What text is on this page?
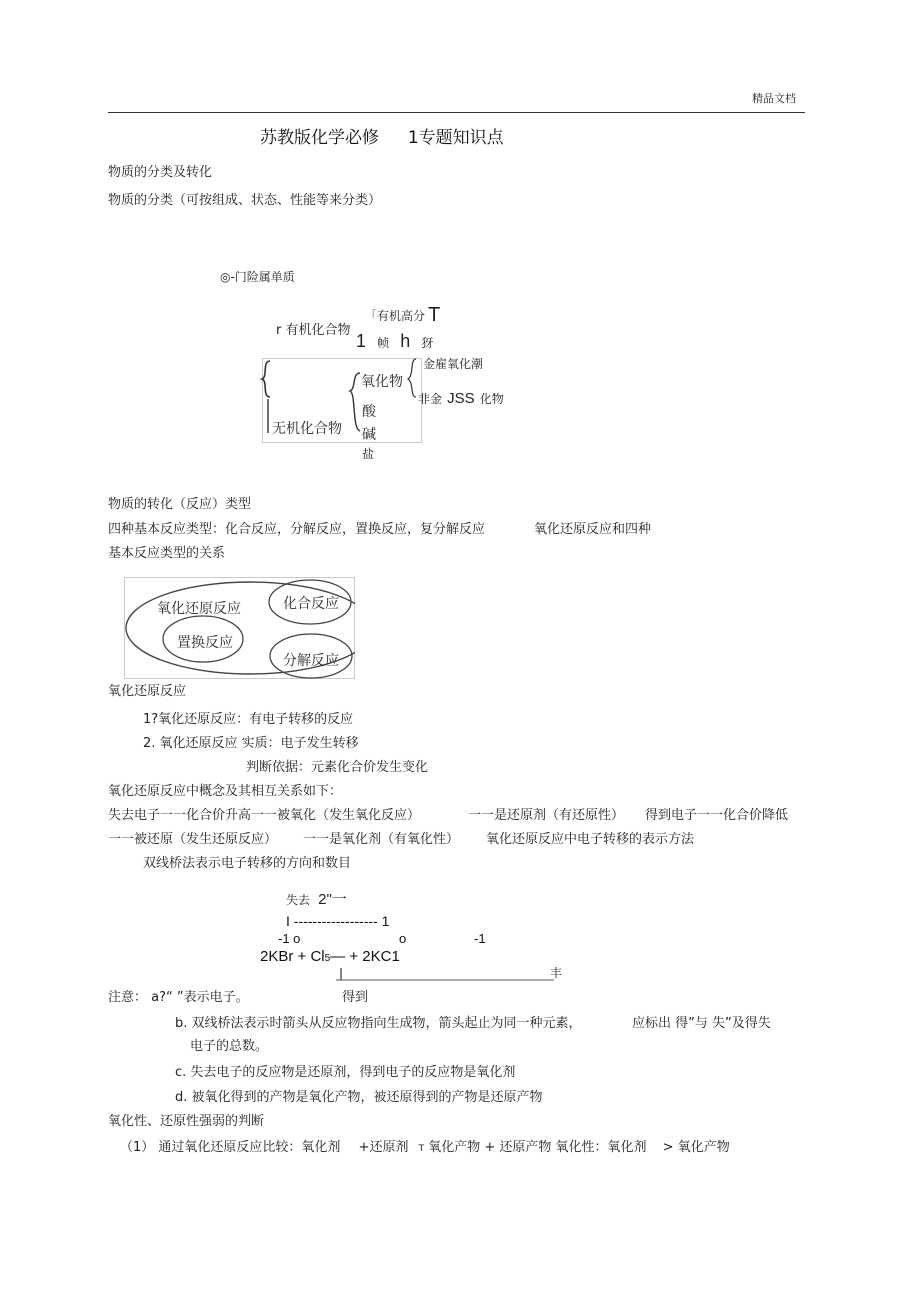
精品文档
苏教版化学必修 1专题知识点
物质的分类及转化
物质的分类（可按组成、状态、性能等来分类）
◎-门险属单质
r 有机化合物
「有机高分 T
1 帧 h 犽
氧化物
金雇氧化潮
非金 JSS 化物
酸
无机化合物 碱
盐
物质的转化（反应）类型
四种基本反应类型：化合反应，分解反应，置换反应，复分解反应	氧化还原反应和四种
基本反应类型的关系
氧化还原反应	化合反应
置换反应
分解反应
氧化还原反应
1?氧化还原反应：有电子转移的反应
2. 氧化还原反应 实质：电子发生转移
判断依据：元素化合价发生变化
氧化还原反应中概念及其相互关系如下：
失去电子一一化合价升高一一被氧化（发生氧化反应）	一一是还原剂（有还原性） 得到电子一一化合价降低
一一被还原（发生还原反应） 一一是氧化剂（有氧化性） 氧化还原反应中电子转移的表示方法
双线桥法表示电子转移的方向和数目
失去 2"一
I ------------------ 1
-1 o	o	-1
2KBr + Cl5— + 2KC1
丰
注意： a?“ ”表示电子。	得到
b. 双线桥法表示时箭头从反应物指向生成物，箭头起止为同一种元素，	应标出 得”与 失”及得失
电子的总数。
c. 失去电子的反应物是还原剂，得到电子的反应物是氧化剂
d. 被氧化得到的产物是氧化产物，被还原得到的产物是还原产物
氧化性、还原性强弱的判断
（1） 通过氧化还原反应比较：氧化剂 +还原剂 T 氧化产物 + 还原产物 氧化性：氧化剂 > 氧化产物
